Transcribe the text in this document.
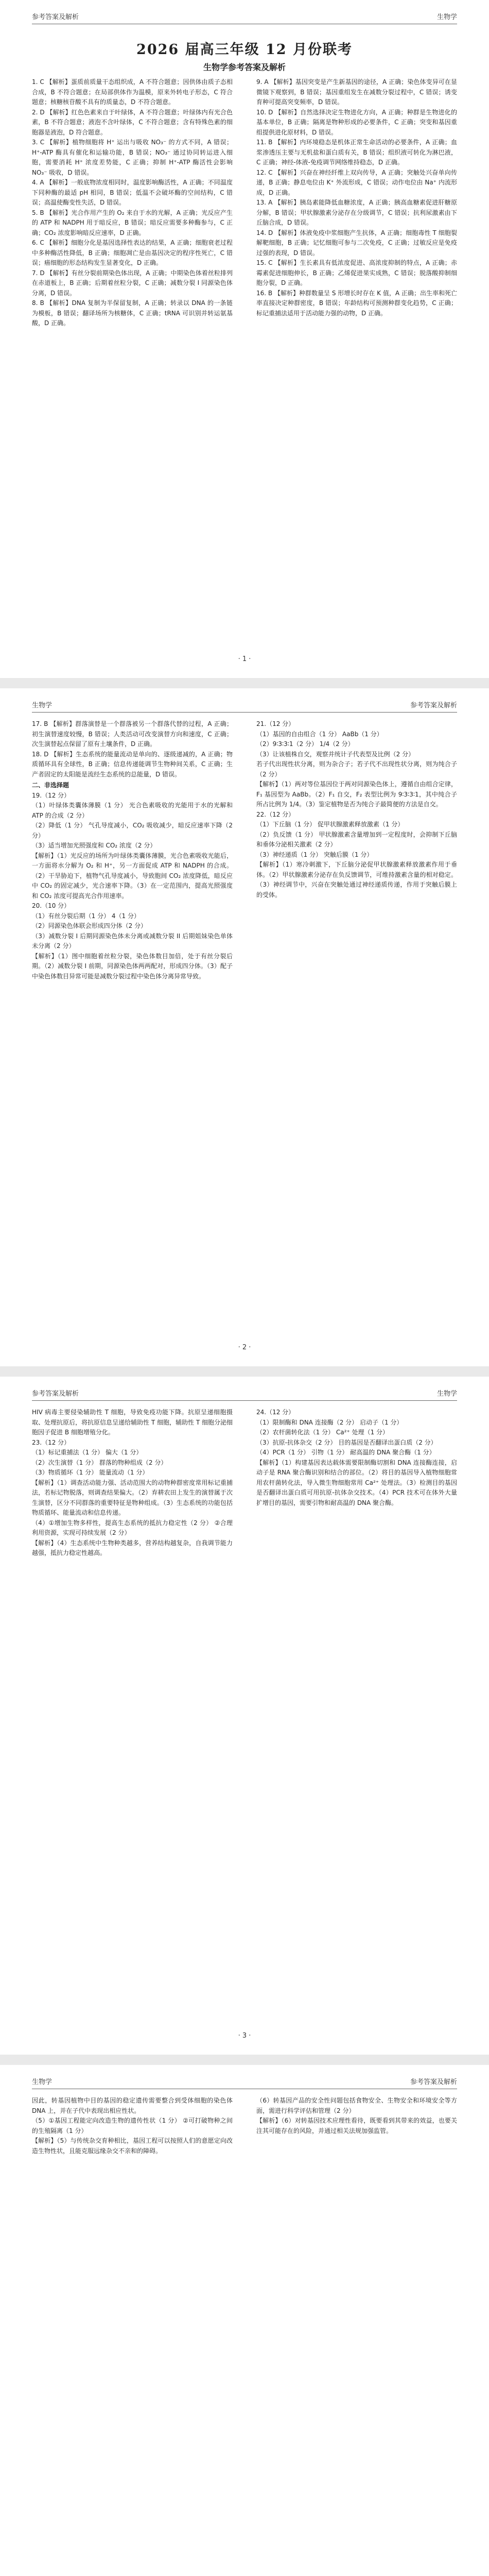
参考答案及解析	生物学
2026 届高三年级 12 月份联考
生物学参考答案及解析

1. C 【解析】蛋质前质量干态组织成，A 不符合题意；因供体由质子态相合成，B 不符合题意；在局部供体作为温模，原来外转电子形态，C 符合题意；核糖核苷酸不具有的质量态，D 不符合题意。

2. D 【解析】红色色素来自于叶绿体，A 不符合题意；叶绿体内有光合色素，B 不符合题意；液泡不含叶绿体，C 不符合题意；含有特殊色素的细胞器是液泡，D 符合题意。

3. C 【解析】植物细胞将 H⁺ 运出与吸收 NO₃⁻ 的方式不同，A 错误；H⁺-ATP 酶具有催化和运输功能，B 错误；NO₃⁻ 通过协同转运进入细胞，需要消耗 H⁺ 浓度差势能，C 正确；抑制 H⁺-ATP 酶活性会影响 NO₃⁻ 吸收，D 错误。

4. A 【解析】一般底物浓度相同时，温度影响酶活性，A 正确；不同温度下同种酶的最适 pH 相同，B 错误；低温不会破坏酶的空间结构，C 错误；高温使酶变性失活，D 错误。

5. B 【解析】光合作用产生的 O₂ 来自于水的光解，A 正确；光反应产生的 ATP 和 NADPH 用于暗反应，B 错误；暗反应需要多种酶参与，C 正确；CO₂ 浓度影响暗反应速率，D 正确。

6. C 【解析】细胞分化是基因选择性表达的结果，A 正确；细胞衰老过程中多种酶活性降低，B 正确；细胞凋亡是由基因决定的程序性死亡，C 错误；癌细胞的形态结构发生显著变化，D 正确。

7. D 【解析】有丝分裂前期染色体出现，A 正确；中期染色体着丝粒排列在赤道板上，B 正确；后期着丝粒分裂，C 正确；减数分裂 I 同源染色体分离，D 错误。

8. B 【解析】DNA 复制为半保留复制，A 正确；转录以 DNA 的一条链为模板，B 错误；翻译场所为核糖体，C 正确；tRNA 可识别并转运氨基酸，D 正确。

9. A 【解析】基因突变是产生新基因的途径，A 正确；染色体变异可在显微镜下观察到，B 错误；基因重组发生在减数分裂过程中，C 错误；诱变育种可提高突变频率，D 错误。

10. D 【解析】自然选择决定生物进化方向，A 正确；种群是生物进化的基本单位，B 正确；隔离是物种形成的必要条件，C 正确；突变和基因重组提供进化原材料，D 错误。

11. B 【解析】内环境稳态是机体正常生命活动的必要条件，A 正确；血浆渗透压主要与无机盐和蛋白质有关，B 错误；组织液可转化为淋巴液，C 正确；神经-体液-免疫调节网络维持稳态，D 正确。

12. C 【解析】兴奋在神经纤维上双向传导，A 正确；突触处兴奋单向传递，B 正确；静息电位由 K⁺ 外流形成，C 错误；动作电位由 Na⁺ 内流形成，D 正确。

13. A 【解析】胰岛素能降低血糖浓度，A 正确；胰高血糖素促进肝糖原分解，B 错误；甲状腺激素分泌存在分级调节，C 错误；抗利尿激素由下丘脑合成，D 错误。

14. D 【解析】体液免疫中浆细胞产生抗体，A 正确；细胞毒性 T 细胞裂解靶细胞，B 正确；记忆细胞可参与二次免疫，C 正确；过敏反应是免疫过强的表现，D 错误。

15. C 【解析】生长素具有低浓度促进、高浓度抑制的特点，A 正确；赤霉素促进细胞伸长，B 正确；乙烯促进果实成熟，C 错误；脱落酸抑制细胞分裂，D 正确。

16. B 【解析】种群数量呈 S 形增长时存在 K 值，A 正确；出生率和死亡率直接决定种群密度，B 错误；年龄结构可预测种群变化趋势，C 正确；标记重捕法适用于活动能力强的动物，D 正确。

· 1 ·
生物学	参考答案及解析

17. B 【解析】群落演替是一个群落被另一个群落代替的过程，A 正确；初生演替速度较慢，B 错误；人类活动可改变演替方向和速度，C 正确；次生演替起点保留了原有土壤条件，D 正确。

18. D 【解析】生态系统的能量流动是单向的、逐级递减的，A 正确；物质循环具有全球性，B 正确；信息传递能调节生物种间关系，C 正确；生产者固定的太阳能是流经生态系统的总能量，D 错误。

二、非选择题

19.（12 分）

（1）叶绿体类囊体薄膜（1 分） 光合色素吸收的光能用于水的光解和 ATP 的合成（2 分）

（2）降低（1 分） 气孔导度减小，CO₂ 吸收减少，暗反应速率下降（2 分）

（3）适当增加光照强度和 CO₂ 浓度（2 分）

【解析】（1）光反应的场所为叶绿体类囊体薄膜，光合色素吸收光能后，一方面将水分解为 O₂ 和 H⁺，另一方面促成 ATP 和 NADPH 的合成。（2）干旱胁迫下，植物气孔导度减小，导致胞间 CO₂ 浓度降低，暗反应中 CO₂ 的固定减少，光合速率下降。（3）在一定范围内，提高光照强度和 CO₂ 浓度可提高光合作用速率。

20.（10 分）

（1）有丝分裂后期（1 分） 4（1 分）

（2）同源染色体联会形成四分体（2 分）

（3）减数分裂 I 后期同源染色体未分离或减数分裂 II 后期姐妹染色单体未分离（2 分）

【解析】（1）图中细胞着丝粒分裂，染色体数目加倍，处于有丝分裂后期。（2）减数分裂 I 前期，同源染色体两两配对，形成四分体。（3）配子中染色体数目异常可能是减数分裂过程中染色体分离异常导致。

21.（12 分）

（1）基因的自由组合（1 分） AaBb（1 分）

（2）9∶3∶3∶1（2 分） 1/4（2 分）

（3）让该植株自交，观察并统计子代表型及比例（2 分）

若子代出现性状分离，则为杂合子；若子代不出现性状分离，则为纯合子（2 分）

【解析】（1）两对等位基因位于两对同源染色体上，遵循自由组合定律，F₁ 基因型为 AaBb。（2）F₁ 自交，F₂ 表型比例为 9∶3∶3∶1，其中纯合子所占比例为 1/4。（3）鉴定植物是否为纯合子最简便的方法是自交。

22.（12 分）

（1）下丘脑（1 分） 促甲状腺激素释放激素（1 分）

（2）负反馈（1 分） 甲状腺激素含量增加到一定程度时，会抑制下丘脑和垂体分泌相关激素（2 分）

（3）神经递质（1 分） 突触后膜（1 分）

【解析】（1）寒冷刺激下，下丘脑分泌促甲状腺激素释放激素作用于垂体。（2）甲状腺激素分泌存在负反馈调节，可维持激素含量的相对稳定。（3）神经调节中，兴奋在突触处通过神经递质传递，作用于突触后膜上的受体。

· 2 ·
参考答案及解析	生物学

HIV 病毒主要侵染辅助性 T 细胞，导致免疫功能下降。抗原呈递细胞摄取、处理抗原后，将抗原信息呈递给辅助性 T 细胞，辅助性 T 细胞分泌细胞因子促进 B 细胞增殖分化。

23.（12 分）

（1）标记重捕法（1 分） 偏大（1 分）

（2）次生演替（1 分） 群落的物种组成（2 分）

（3）物质循环（1 分） 能量流动（1 分）

【解析】（1）调查活动能力强、活动范围大的动物种群密度常用标记重捕法，若标记物脱落，则调查结果偏大。（2）弃耕农田上发生的演替属于次生演替，区分不同群落的重要特征是物种组成。（3）生态系统的功能包括物质循环、能量流动和信息传递。

（4）①增加生物多样性，提高生态系统的抵抗力稳定性（2 分） ②合理利用资源，实现可持续发展（2 分）

【解析】（4）生态系统中生物种类越多，营养结构越复杂，自我调节能力越强，抵抗力稳定性越高。

24.（12 分）

（1）限制酶和 DNA 连接酶（2 分） 启动子（1 分）

（2）农杆菌转化法（1 分） Ca²⁺ 处理（1 分）

（3）抗原-抗体杂交（2 分） 目的基因是否翻译出蛋白质（2 分）

（4）PCR（1 分） 引物（1 分） 耐高温的 DNA 聚合酶（1 分）

【解析】（1）构建基因表达载体需要限制酶切割和 DNA 连接酶连接，启动子是 RNA 聚合酶识别和结合的部位。（2）将目的基因导入植物细胞常用农杆菌转化法，导入微生物细胞常用 Ca²⁺ 处理法。（3）检测目的基因是否翻译出蛋白质可用抗原-抗体杂交技术。（4）PCR 技术可在体外大量扩增目的基因，需要引物和耐高温的 DNA 聚合酶。

· 3 ·
生物学	参考答案及解析

因此，转基因植物中目的基因的稳定遗传需要整合到受体细胞的染色体 DNA 上，并在子代中表现出相应性状。

（5）①基因工程能定向改造生物的遗传性状（1 分） ②可打破物种之间的生殖隔离（1 分）

【解析】（5）与传统杂交育种相比，基因工程可以按照人们的意愿定向改造生物性状，且能克服远缘杂交不亲和的障碍。

（6）转基因产品的安全性问题包括食物安全、生物安全和环境安全等方面，需进行科学评估和管理（2 分）

【解析】（6）对转基因技术应理性看待，既要看到其带来的效益，也要关注其可能存在的风险，并通过相关法规加强监管。
